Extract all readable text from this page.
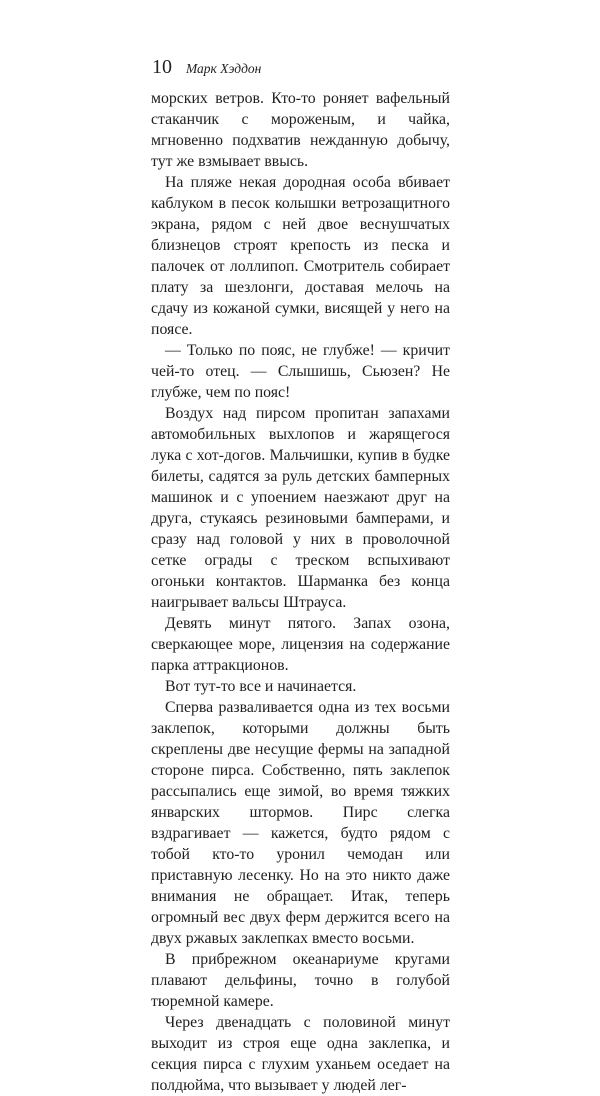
10 Марк Хэддон

морских ветров. Кто-то роняет вафельный стаканчик с мороженым, и чайка, мгновенно подхватив нежданную добычу, тут же взмывает ввысь.

На пляже некая дородная особа вбивает каблуком в песок колышки ветрозащитного экрана, рядом с ней двое веснушчатых близнецов строят крепость из песка и палочек от лоллипоп. Смотритель собирает плату за шезлонги, доставая мелочь на сдачу из кожаной сумки, висящей у него на поясе.

— Только по пояс, не глубже! — кричит чей-то отец. — Слышишь, Сьюзен? Не глубже, чем по пояс!

Воздух над пирсом пропитан запахами автомобильных выхлопов и жарящегося лука с хот-догов. Мальчишки, купив в будке билеты, садятся за руль детских бамперных машинок и с упоением наезжают друг на друга, стукаясь резиновыми бамперами, и сразу над головой у них в проволочной сетке ограды с треском вспыхивают огоньки контактов. Шарманка без конца наигрывает вальсы Штрауса.

Девять минут пятого. Запах озона, сверкающее море, лицензия на содержание парка аттракционов.

Вот тут-то все и начинается.

Сперва разваливается одна из тех восьми заклепок, которыми должны быть скреплены две несущие фермы на западной стороне пирса. Собственно, пять заклепок рассыпались еще зимой, во время тяжких январских штормов. Пирс слегка вздрагивает — кажется, будто рядом с тобой кто-то уронил чемодан или приставную лесенку. Но на это никто даже внимания не обращает. Итак, теперь огромный вес двух ферм держится всего на двух ржавых заклепках вместо восьми.

В прибрежном океанариуме кругами плавают дельфины, точно в голубой тюремной камере.

Через двенадцать с половиной минут выходит из строя еще одна заклепка, и секция пирса с глухим уханьем оседает на полдюйма, что вызывает у людей лег-
